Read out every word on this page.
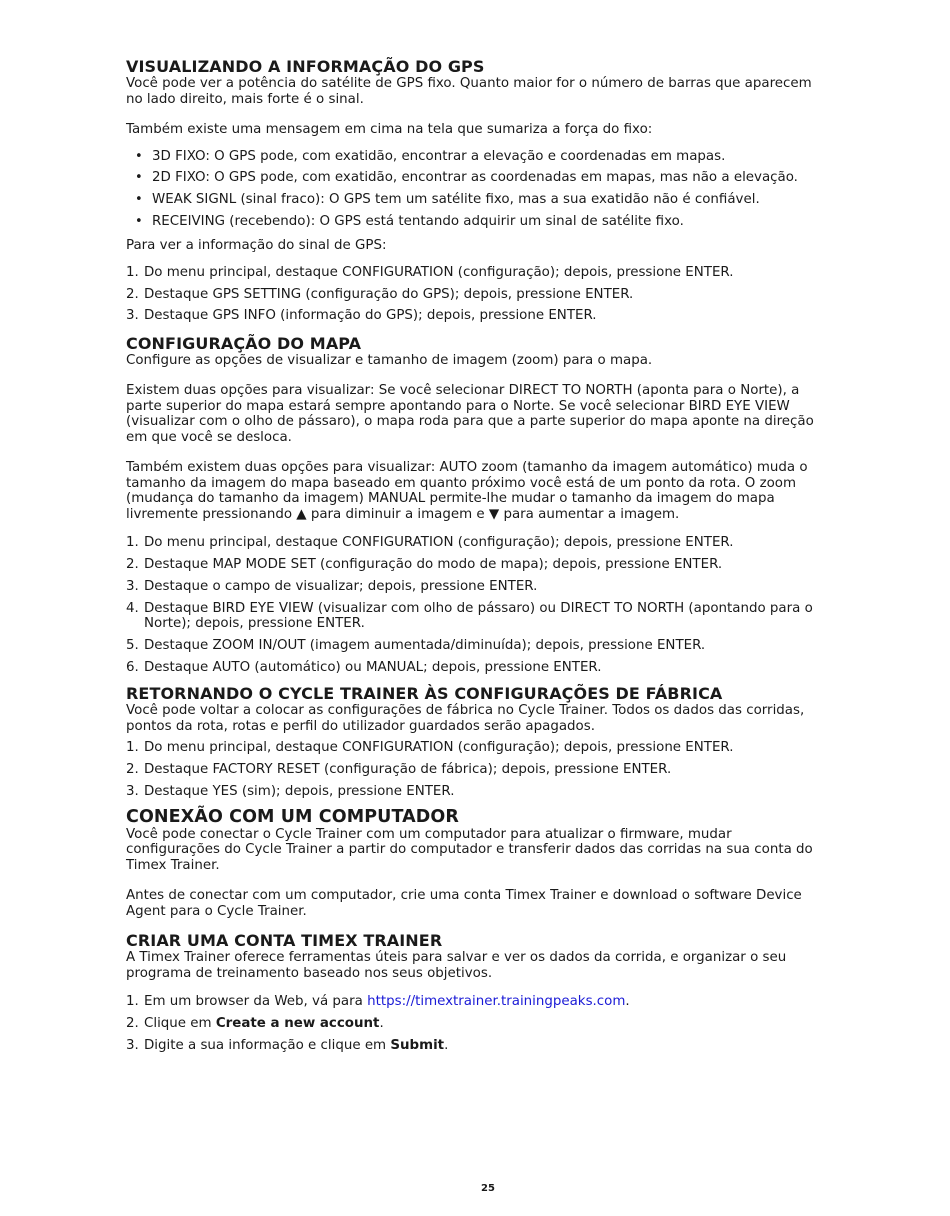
VISUALIZANDO A INFORMAÇÃO DO GPS

Você pode ver a potência do satélite de GPS fixo. Quanto maior for o número de barras que aparecem no lado direito, mais forte é o sinal.

Também existe uma mensagem em cima na tela que sumariza a força do fixo:

• 3D FIXO: O GPS pode, com exatidão, encontrar a elevação e coordenadas em mapas.
• 2D FIXO: O GPS pode, com exatidão, encontrar as coordenadas em mapas, mas não a elevação.
• WEAK SIGNL (sinal fraco): O GPS tem um satélite fixo, mas a sua exatidão não é confiável.
• RECEIVING (recebendo): O GPS está tentando adquirir um sinal de satélite fixo.

Para ver a informação do sinal de GPS:

1. Do menu principal, destaque CONFIGURATION (configuração); depois, pressione ENTER.
2. Destaque GPS SETTING (configuração do GPS); depois, pressione ENTER.
3. Destaque GPS INFO (informação do GPS); depois, pressione ENTER.
CONFIGURAÇÃO DO MAPA

Configure as opções de visualizar e tamanho de imagem (zoom) para o mapa.

Existem duas opções para visualizar: Se você selecionar DIRECT TO NORTH (aponta para o Norte), a parte superior do mapa estará sempre apontando para o Norte. Se você selecionar BIRD EYE VIEW (visualizar com o olho de pássaro), o mapa roda para que a parte superior do mapa aponte na direção em que você se desloca.

Também existem duas opções para visualizar: AUTO zoom (tamanho da imagem automático) muda o tamanho da imagem do mapa baseado em quanto próximo você está de um ponto da rota. O zoom (mudança do tamanho da imagem) MANUAL permite-lhe mudar o tamanho da imagem do mapa livremente pressionando ▲ para diminuir a imagem e ▼ para aumentar a imagem.

1. Do menu principal, destaque CONFIGURATION (configuração); depois, pressione ENTER.
2. Destaque MAP MODE SET (configuração do modo de mapa); depois, pressione ENTER.
3. Destaque o campo de visualizar; depois, pressione ENTER.
4. Destaque BIRD EYE VIEW (visualizar com olho de pássaro) ou DIRECT TO NORTH (apontando para o Norte); depois, pressione ENTER.
5. Destaque ZOOM IN/OUT (imagem aumentada/diminuída); depois, pressione ENTER.
6. Destaque AUTO (automático) ou MANUAL; depois, pressione ENTER.
RETORNANDO O CYCLE TRAINER ÀS CONFIGURAÇÕES DE FÁBRICA

Você pode voltar a colocar as configurações de fábrica no Cycle Trainer. Todos os dados das corridas, pontos da rota, rotas e perfil do utilizador guardados serão apagados.

1. Do menu principal, destaque CONFIGURATION (configuração); depois, pressione ENTER.
2. Destaque FACTORY RESET (configuração de fábrica); depois, pressione ENTER.
3. Destaque YES (sim); depois, pressione ENTER.
CONEXÃO COM UM COMPUTADOR

Você pode conectar o Cycle Trainer com um computador para atualizar o firmware, mudar configurações do Cycle Trainer a partir do computador e transferir dados das corridas na sua conta do Timex Trainer.

Antes de conectar com um computador, crie uma conta Timex Trainer e download o software Device Agent para o Cycle Trainer.

CRIAR UMA CONTA TIMEX TRAINER

A Timex Trainer oferece ferramentas úteis para salvar e ver os dados da corrida, e organizar o seu programa de treinamento baseado nos seus objetivos.

1. Em um browser da Web, vá para https://timextrainer.trainingpeaks.com.
2. Clique em Create a new account.
3. Digite a sua informação e clique em Submit.
25
